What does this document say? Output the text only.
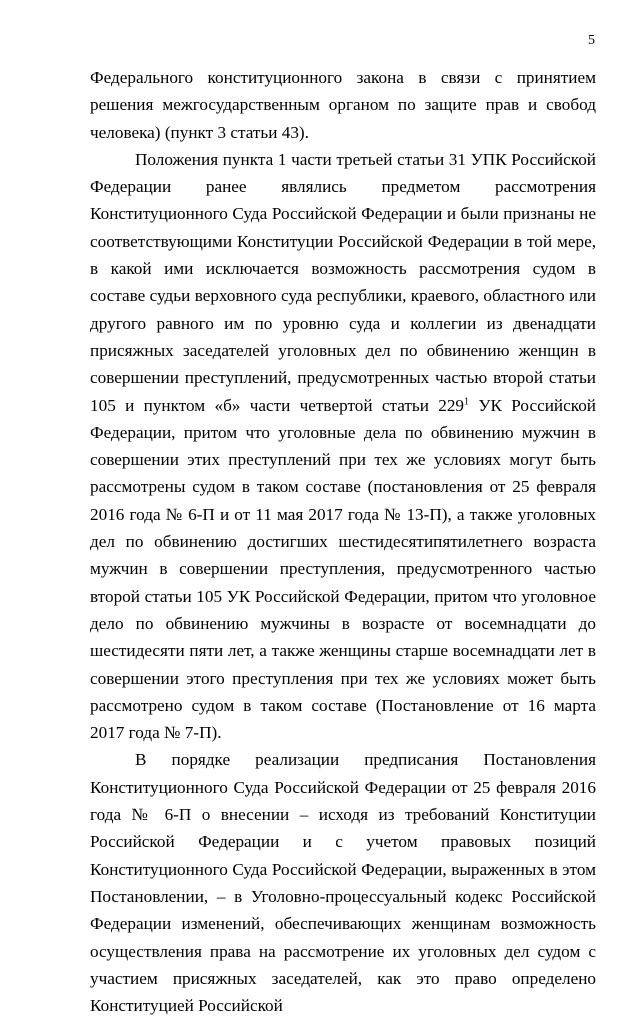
5

Федерального конституционного закона в связи с принятием решения межгосударственным органом по защите прав и свобод человека) (пункт 3 статьи 43).

Положения пункта 1 части третьей статьи 31 УПК Российской Федерации ранее являлись предметом рассмотрения Конституционного Суда Российской Федерации и были признаны не соответствующими Конституции Российской Федерации в той мере, в какой ими исключается возможность рассмотрения судом в составе судьи верховного суда республики, краевого, областного или другого равного им по уровню суда и коллегии из двенадцати присяжных заседателей уголовных дел по обвинению женщин в совершении преступлений, предусмотренных частью второй статьи 105 и пунктом «б» части четвертой статьи $229^1$ УК Российской Федерации, притом что уголовные дела по обвинению мужчин в совершении этих преступлений при тех же условиях могут быть рассмотрены судом в таком составе (постановления от 25 февраля 2016 года № 6-П и от 11 мая 2017 года № 13-П), а также уголовных дел по обвинению достигших шестидесятипятилетнего возраста мужчин в совершении преступления, предусмотренного частью второй статьи 105 УК Российской Федерации, притом что уголовное дело по обвинению мужчины в возрасте от восемнадцати до шестидесяти пяти лет, а также женщины старше восемнадцати лет в совершении этого преступления при тех же условиях может быть рассмотрено судом в таком составе (Постановление от 16 марта 2017 года № 7-П).

В порядке реализации предписания Постановления Конституционного Суда Российской Федерации от 25 февраля 2016 года № 6-П о внесении – исходя из требований Конституции Российской Федерации и с учетом правовых позиций Конституционного Суда Российской Федерации, выраженных в этом Постановлении, – в Уголовно-процессуальный кодекс Российской Федерации изменений, обеспечивающих женщинам возможность осуществления права на рассмотрение их уголовных дел судом с участием присяжных заседателей, как это право определено Конституцией Российской
